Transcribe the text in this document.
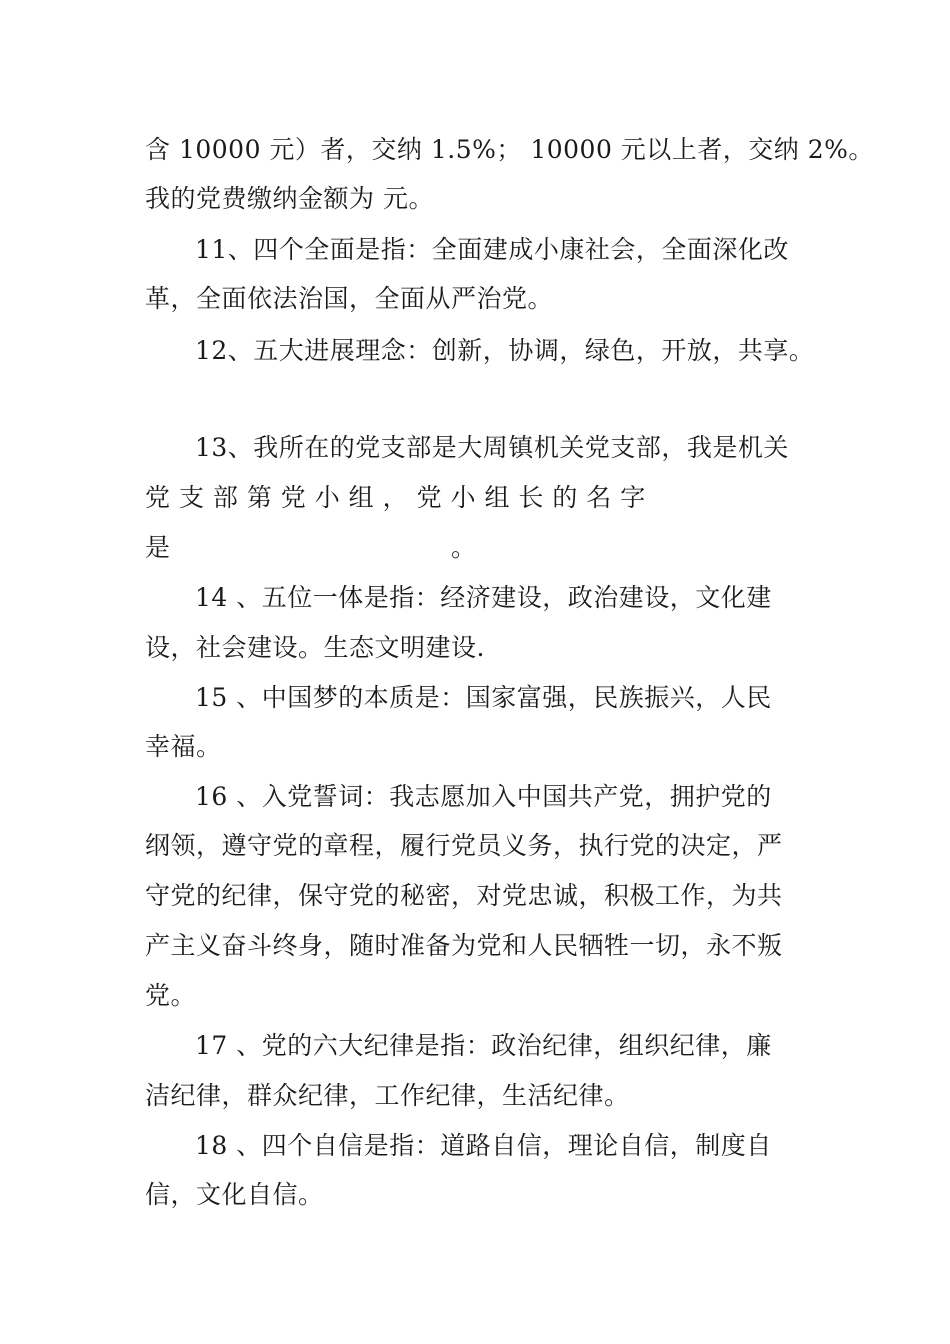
含 10000 元）者，交纳 1.5%； 10000 元以上者，交纳 2%。
我的党费缴纳金额为 元。
11、四个全面是指：全面建成小康社会，全面深化改
革，全面依法治国，全面从严治党。
12、五大进展理念：创新，协调，绿色，开放，共享。
13、我所在的党支部是大周镇机关党支部，我是机关
党 支 部 第 党 小 组 ， 党 小 组 长 的 名 字
是	。
14 、五位一体是指：经济建设，政治建设，文化建
设，社会建设。生态文明建设.
15 、中国梦的本质是：国家富强，民族振兴，人民
幸福。
16 、入党誓词：我志愿加入中国共产党，拥护党的
纲领，遵守党的章程，履行党员义务，执行党的决定，严
守党的纪律，保守党的秘密，对党忠诚，积极工作，为共
产主义奋斗终身，随时准备为党和人民牺牲一切，永不叛
党。
17 、党的六大纪律是指：政治纪律，组织纪律，廉
洁纪律，群众纪律，工作纪律，生活纪律。
18 、四个自信是指：道路自信，理论自信，制度自
信，文化自信。
